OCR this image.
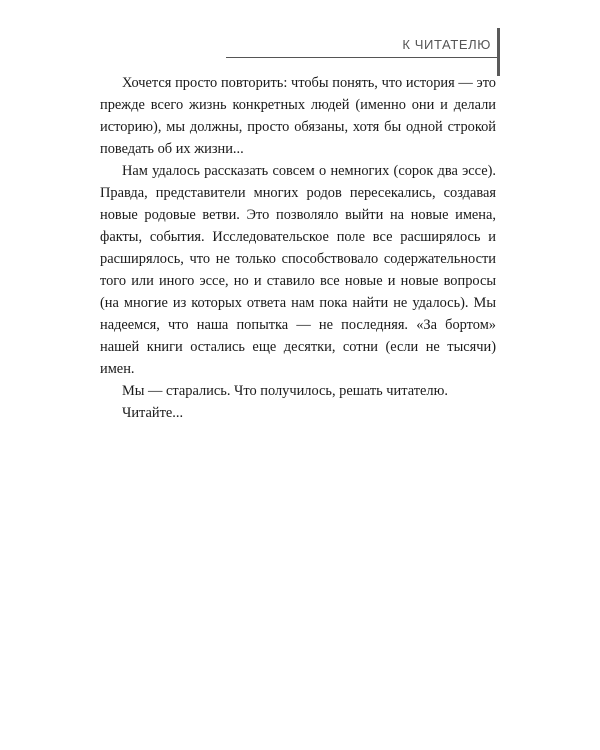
К ЧИТАТЕЛЮ

Хочется просто повторить: чтобы понять, что история — это прежде всего жизнь конкретных людей (именно они и делали историю), мы должны, просто обязаны, хотя бы одной строкой поведать об их жизни...

Нам удалось рассказать совсем о немногих (сорок два эссе). Правда, представители многих родов пересекались, создавая новые родовые ветви. Это позволяло выйти на новые имена, факты, события. Исследовательское поле все расширялось и расширялось, что не только способствовало содержательности того или иного эссе, но и ставило все новые и новые вопросы (на многие из которых ответа нам пока найти не удалось). Мы надеемся, что наша попытка — не последняя. «За бортом» нашей книги остались еще десятки, сотни (если не тысячи) имен.

Мы — старались. Что получилось, решать читателю.

Читайте...
